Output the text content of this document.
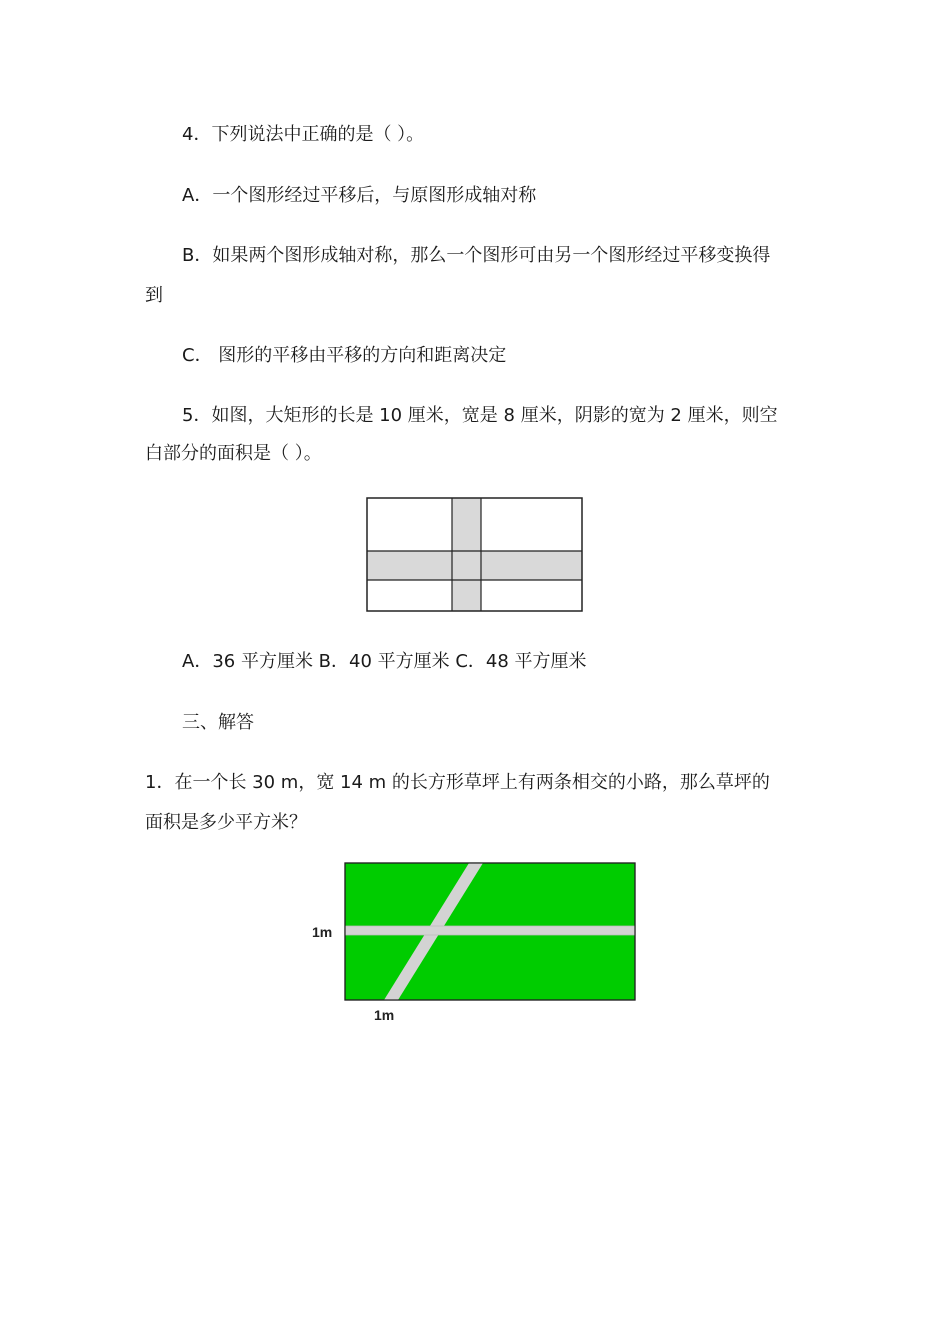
4．下列说法中正确的是（ ）。
A．一个图形经过平移后，与原图形成轴对称
B．如果两个图形成轴对称，那么一个图形可由另一个图形经过平移变换得
到
C． 图形的平移由平移的方向和距离决定
5．如图，大矩形的长是 10 厘米，宽是 8 厘米，阴影的宽为 2 厘米，则空
白部分的面积是（ ）。
A．36 平方厘米 B．40 平方厘米 C．48 平方厘米
三、解答
1．在一个长 30 m，宽 14 m 的长方形草坪上有两条相交的小路，那么草坪的
面积是多少平方米？
1m
1m
